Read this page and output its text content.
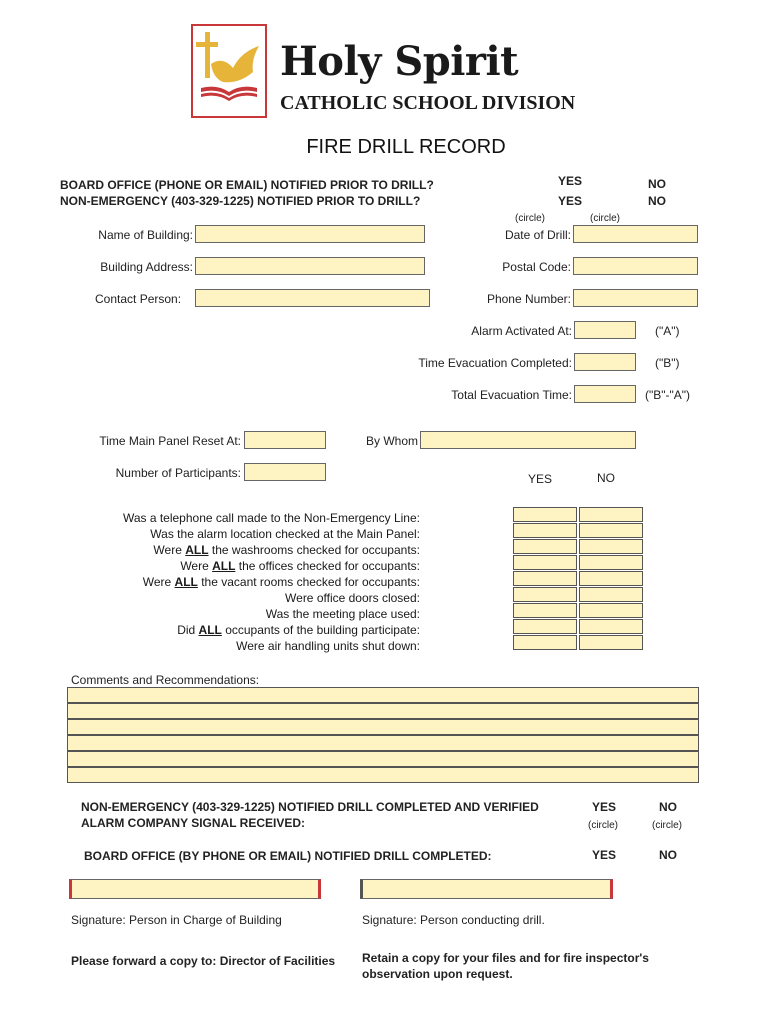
Holy Spirit
CATHOLIC SCHOOL DIVISION
FIRE DRILL RECORD
BOARD OFFICE (PHONE OR EMAIL) NOTIFIED PRIOR TO DRILL?
NON-EMERGENCY (403-329-1225) NOTIFIED PRIOR TO DRILL?
YES	NO
YES	NO
(circle)	(circle)
Name of Building:	Date of Drill:
Building Address:	Postal Code:
Contact Person:	Phone Number:
Alarm Activated At:	("A")
Time Evacuation Completed:	("B")
Total Evacuation Time:	("B"-"A")
Time Main Panel Reset At:	By Whom
Number of Participants:	YES	NO
Was a telephone call made to the Non-Emergency Line:
Was the alarm location checked at the Main Panel:
Were ALL the washrooms checked for occupants:
Were ALL the offices checked for occupants:
Were ALL the vacant rooms checked for occupants:
Were office doors closed:
Was the meeting place used:
Did ALL occupants of the building participate:
Were air handling units shut down:
Comments and Recommendations:
NON-EMERGENCY (403-329-1225) NOTIFIED DRILL COMPLETED AND VERIFIED
ALARM COMPANY SIGNAL RECEIVED:
YES	NO
(circle)	(circle)
BOARD OFFICE (BY PHONE OR EMAIL) NOTIFIED DRILL COMPLETED:	YES	NO
Signature: Person in Charge of Building	Signature: Person conducting drill.
Please forward a copy to: Director of Facilities Retain a copy for your files and for fire inspector's
observation upon request.
